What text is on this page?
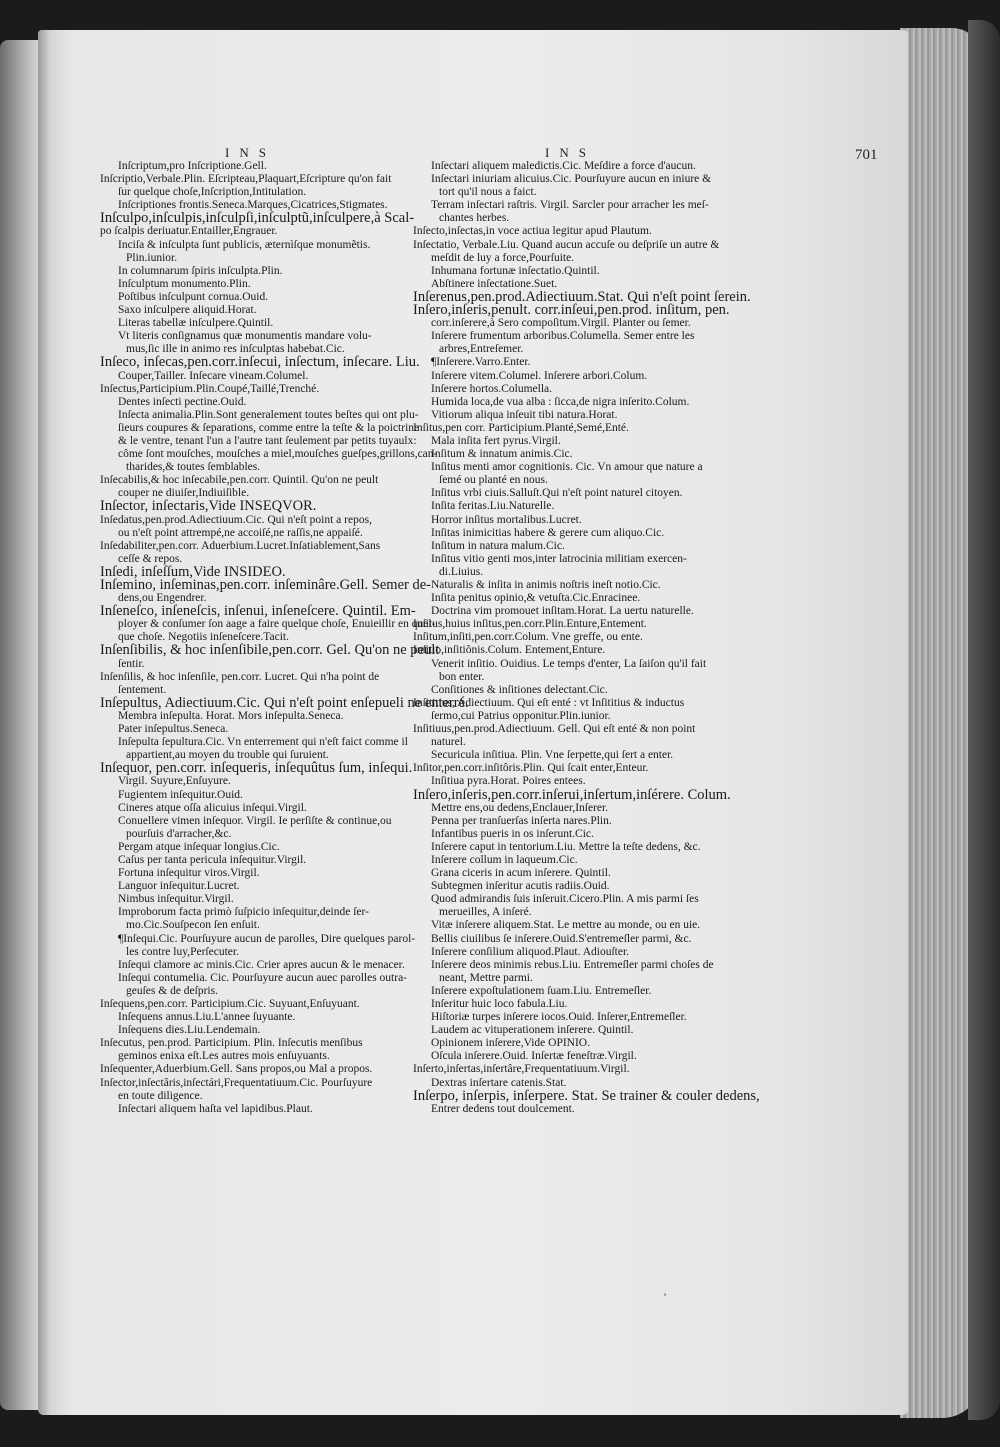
INS	INS	701
Inſcriptum,pro Inſcriptione.Gell.
Inſcriptio,Verbale.Plin. Eſcripteau,Plaquart,Eſcripture qu'on fait
ſur quelque choſe,Inſcription,Intitulation.
Inſcriptiones frontis.Seneca.Marques,Cicatrices,Stigmates.
Inſculpo,inſculpis,inſculpſi,inſculptũ,inſculpere,à Scal-
po ſcalpis deriuatur.Entailler,Engrauer.
Inciſa & inſculpta ſunt publicis, æternìſque monumẽtis.
Plin.iunior.
In columnarum ſpiris inſculpta.Plin.
Inſculptum monumento.Plin.
Poſtibus inſculpunt cornua.Ouid.
Saxo inſculpere aliquid.Horat.
Literas tabellæ inſculpere.Quintil.
Vt literis conſignamus quæ monumentis mandare volu-
mus,ſic ille in animo res inſculptas habebat.Cic.
Inſeco, inſecas,pen.corr.inſecui, inſectum, inſecare. Liu.
Couper,Tailler. Inſecare vineam.Columel.
Inſectus,Participium.Plin.Coupé,Taillé,Trenché.
Dentes inſecti pectine.Ouid.
Inſecta animalia.Plin.Sont generalement toutes beſtes qui ont plu-
ſieurs coupures & ſeparations, comme entre la teſte & la poictrine
& le ventre, tenant l'un a l'autre tant ſeulement par petits tuyaulx:
côme ſont mouſches, mouſches a miel,mouſches gueſpes,grillons,can-
tharides,& toutes ſemblables.
Inſecabilis,& hoc inſecabile,pen.corr. Quintil. Qu'on ne peult
couper ne diuiſer,Indiuiſible.
Inſector, inſectaris,Vide INSEQVOR.
Inſedatus,pen.prod.Adiectiuum.Cic. Qui n'eſt point a repos,
ou n'eſt point attrempé,ne accoiſé,ne raſſis,ne appaiſé.
Inſedabiliter,pen.corr. Aduerbium.Lucret.Inſatiablement,Sans
ceſſe & repos.
Inſedi, inſeſſum,Vide INSIDEO.
Inſemino, inſeminas,pen.corr. inſeminâre.Gell. Semer de-
dens,ou Engendrer.
Inſeneſco, inſeneſcis, inſenui, inſeneſcere. Quintil. Em-
ployer & conſumer ſon aage a faire quelque choſe, Enuieillir en quel-
que choſe. Negotiis inſeneſcere.Tacit.
Inſenſibilis, & hoc inſenſibile,pen.corr. Gel. Qu'on ne peult
ſentir.
Inſenſilis, & hoc inſenſile, pen.corr. Lucret. Qui n'ha point de
ſentement.
Inſepultus, Adiectiuum.Cic. Qui n'eſt point enſepueli ne enterré.
Membra inſepulta. Horat. Mors inſepulta.Seneca.
Pater inſepultus.Seneca.
Inſepulta ſepultura.Cic. Vn enterrement qui n'eſt faict comme il
appartient,au moyen du trouble qui ſuruient.
Inſequor, pen.corr. inſequeris, inſequûtus ſum, inſequi.
Virgil. Suyure,Enſuyure.
Fugientem inſequitur.Ouid.
Cineres atque oſſa alicuius inſequi.Virgil.
Conuellere vimen inſequor. Virgil. Ie perſiſte & continue,ou
pourſuis d'arracher,&c.
Pergam atque inſequar longius.Cic.
Caſus per tanta pericula inſequitur.Virgil.
Fortuna inſequitur viros.Virgil.
Languor inſequitur.Lucret.
Nimbus inſequitur.Virgil.
Improborum facta primò ſuſpicio inſequitur,deinde ſer-
mo.Cic.Souſpecon ſen enſuit.
¶Inſequi.Cic. Pourſuyure aucun de parolles, Dire quelques parol-
les contre luy,Perſecuter.
Inſequi clamore ac minis.Cic. Crier apres aucun & le menacer.
Inſequi contumelia. Cic. Pourſuyure aucun auec parolles outra-
geuſes & de deſpris.
Inſequens,pen.corr. Participium.Cic. Suyuant,Enſuyuant.
Inſequens annus.Liu.L'annee ſuyuante.
Inſequens dies.Liu.Lendemain.
Inſecutus, pen.prod. Participium. Plin. Inſecutis menſibus
geminos enixa eſt.Les autres mois enſuyuants.
Inſequenter,Aduerbium.Gell. Sans propos,ou Mal a propos.
Inſector,inſectâris,inſectári,Frequentatiuum.Cic. Pourſuyure
en toute diligence.
Inſectari aliquem haſta vel lapidibus.Plaut.
Inſectari aliquem maledictis.Cic. Meſdire a force d'aucun.
Inſectari iniuriam alicuius.Cic. Pourſuyure aucun en iniure &
tort qu'il nous a faict.
Terram inſectari raſtris. Virgil. Sarcler pour arracher les meſ-
chantes herbes.
Inſecto,inſectas,in voce actiua legitur apud Plautum.
Inſectatio, Verbale.Liu. Quand aucun accuſe ou deſpriſe un autre &
meſdit de luy a force,Pourſuite.
Inhumana fortunæ inſectatio.Quintil.
Abſtinere inſectatione.Suet.
Inſerenus,pen.prod.Adiectiuum.Stat. Qui n'eſt point ſerein.
Inſero,inſeris,penult. corr.inſeui,pen.prod. inſitum, pen.
corr.inſerere,à Sero compoſitum.Virgil. Planter ou ſemer.
Inſerere frumentum arboribus.Columella. Semer entre les
arbres,Entreſemer.
¶Inſerere.Varro.Enter.
Inſerere vitem.Columel. Inſerere arbori.Colum.
Inſerere hortos.Columella.
Humida loca,de vua alba : ſicca,de nigra inſerito.Colum.
Vitiorum aliqua inſeuit tibi natura.Horat.
Inſitus,pen corr. Participium.Planté,Semé,Enté.
Mala inſita fert pyrus.Virgil.
Inſitum & innatum animis.Cic.
Inſitus menti amor cognitionis. Cic. Vn amour que nature a
ſemé ou planté en nous.
Inſitus vrbi ciuis.Salluſt.Qui n'eſt point naturel citoyen.
Inſita feritas.Liu.Naturelle.
Horror inſitus mortalibus.Lucret.
Inſitas inimicitias habere & gerere cum aliquo.Cic.
Inſitum in natura malum.Cic.
Inſitus vitio genti mos,inter latrocinia militiam exercen-
di.Liuius.
Naturalis & inſita in animis noſtris ineſt notio.Cic.
Inſita penitus opinio,& vetuſta.Cic.Enracinee.
Doctrina vim promouet inſitam.Horat. La uertu naturelle.
Inſitus,huius inſitus,pen.corr.Plin.Enture,Entement.
Inſitum,inſiti,pen.corr.Colum. Vne greffe, ou ente.
Inſitio,inſitiônis.Colum. Entement,Enture.
Venerit inſitio. Ouidius. Le temps d'enter, La ſaiſon qu'il fait
bon enter.
Conſitiones & inſitiones delectant.Cic.
Inſititius, Adiectiuum. Qui eſt enté : vt Inſititius & inductus
ſermo,cui Patrius opponitur.Plin.iunior.
Inſitiuus,pen.prod.Adiectiuum. Gell. Qui eſt enté & non point
naturel.
Securicula inſitiua. Plin. Vne ſerpette,qui ſert a enter.
Inſitor,pen.corr.inſitôris.Plin. Qui ſcait enter,Enteur.
Inſitiua pyra.Horat. Poires entees.
Inſero,inſeris,pen.corr.inſerui,inſertum,inſérere. Colum.
Mettre ens,ou dedens,Enclauer,Inſerer.
Penna per tranſuerſas inſerta nares.Plin.
Infantibus pueris in os inſerunt.Cic.
Inſerere caput in tentorium.Liu. Mettre la teſte dedens, &c.
Inſerere collum in laqueum.Cic.
Grana ciceris in acum inſerere. Quintil.
Subtegmen inſeritur acutis radiis.Ouid.
Quod admirandis ſuis inſeruit.Cicero.Plin. A mis parmi ſes
merueilles, A inſeré.
Vitæ inſerere aliquem.Stat. Le mettre au monde, ou en uie.
Bellis ciuilibus ſe inſerere.Ouid.S'entremeſler parmi, &c.
Inſerere conſilium aliquod.Plaut. Adiouſter.
Inſerere deos minimis rebus.Liu. Entremeſler parmi choſes de
neant, Mettre parmi.
Inſerere expoſtulationem ſuam.Liu. Entremeſler.
Inſeritur huic loco fabula.Liu.
Hiſtoriæ turpes inſerere iocos.Ouid. Inſerer,Entremeſler.
Laudem ac vituperationem inſerere. Quintil.
Opinionem inſerere,Vide OPINIO.
Oſcula inſerere.Ouid. Inſertæ feneſtræ.Virgil.
Inſerto,inſertas,inſertâre,Frequentatiuum.Virgil.
Dextras inſertare catenis.Stat.
Inſerpo, inſerpis, inſerpere. Stat. Se trainer & couler dedens,
Entrer dedens tout doulcement.
'
